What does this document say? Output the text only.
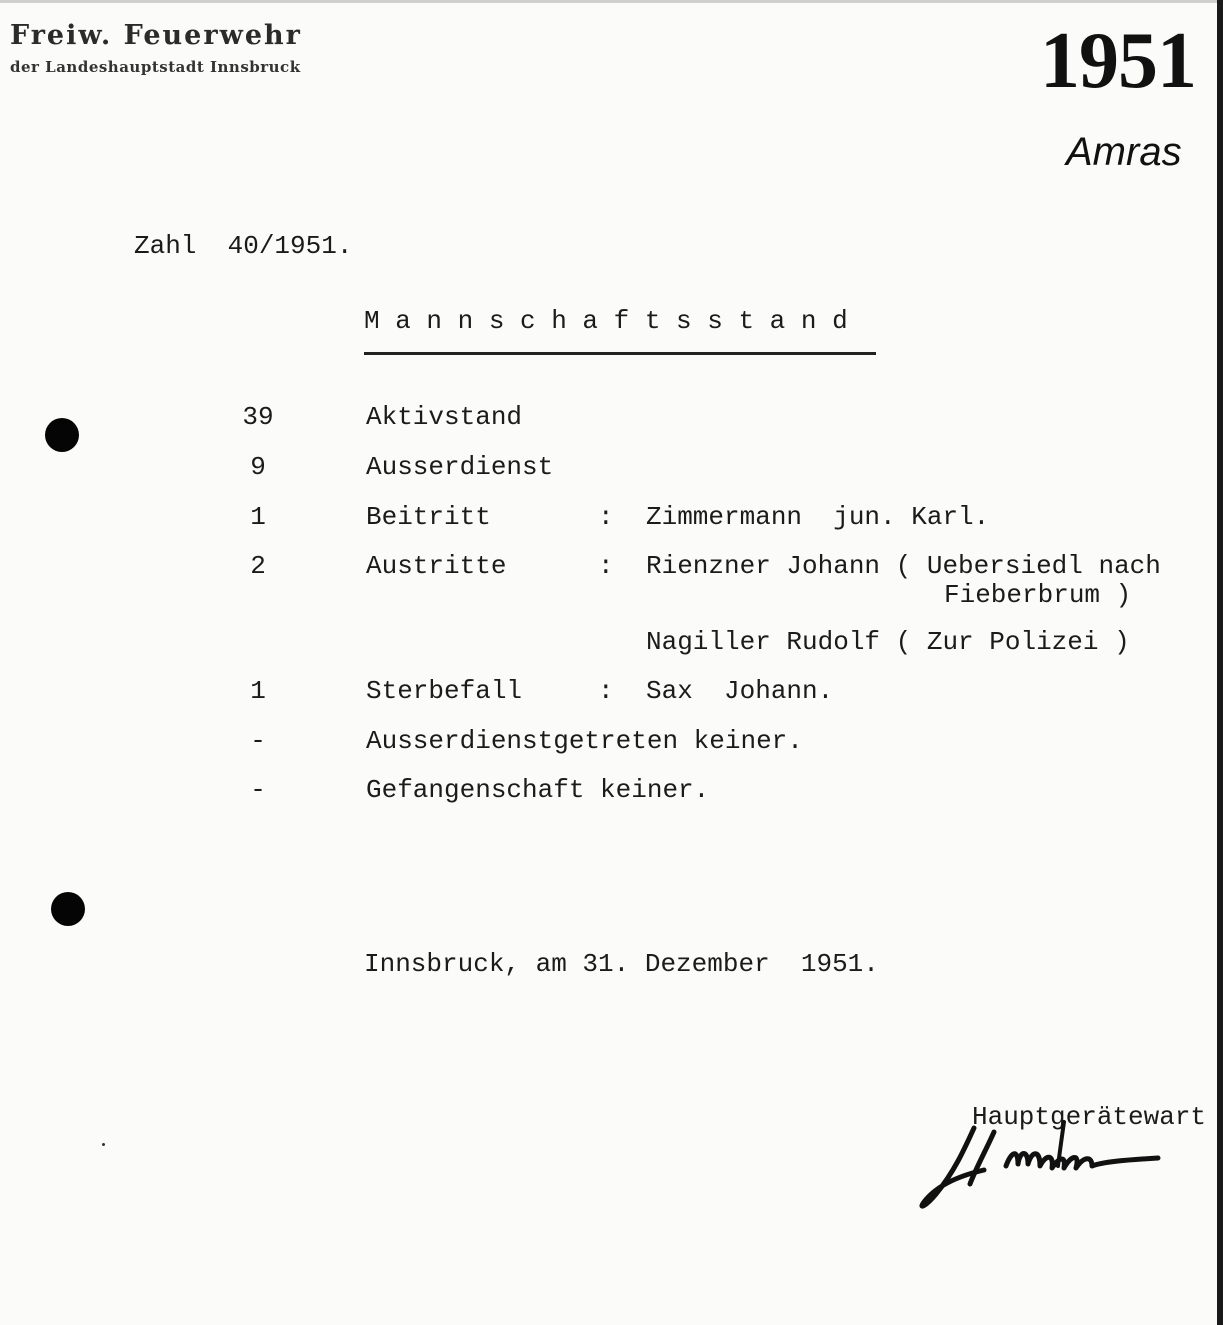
Freiw. Feuerwehr
der Landeshauptstadt Innsbruck	1951
Amras
Zahl  40/1951.
M a n n s c h a f t s s t a n d
39	Aktivstand
9	Ausserdienst
1	Beitritt	: Zimmermann  jun. Karl.
2	Austritte	: Rienzner Johann ( Uebersiedl nach
Fieberbrum )
Nagiller Rudolf ( Zur Polizei )
1	Sterbefall	: Sax  Johann.
-	Ausserdienstgetreten keiner.
-	Gefangenschaft keiner.
Innsbruck, am 31. Dezember  1951.
Hauptgerätewart
